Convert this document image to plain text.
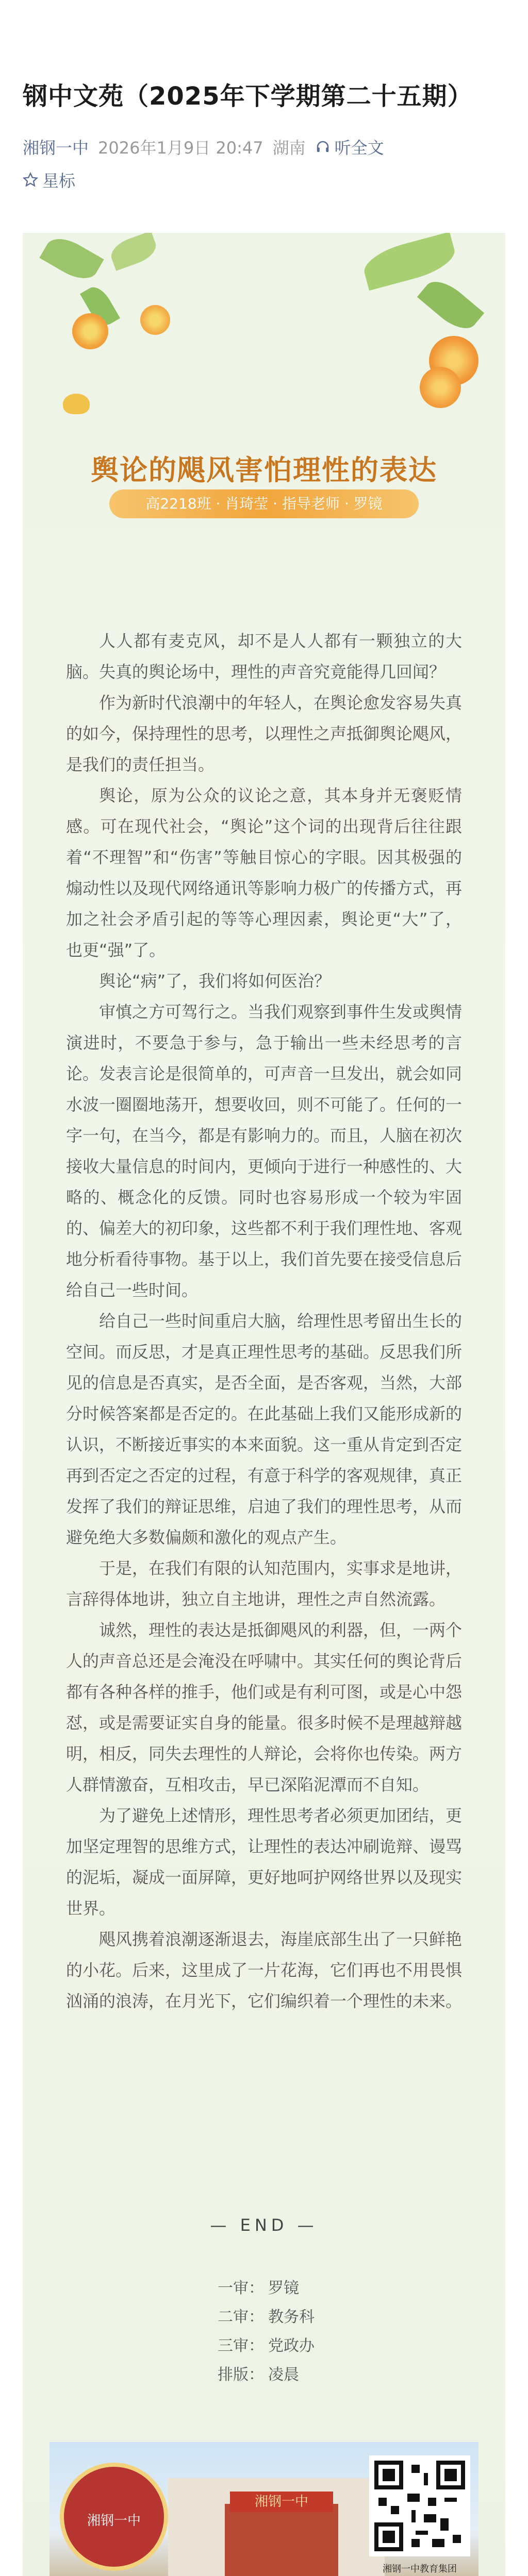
钢中文苑（2025年下学期第二十五期）
湘钢一中 2026年1月9日 20:47 湖南 听全文
星标
舆论的飓风害怕理性的表达
高2218班 · 肖琦莹 · 指导老师 · 罗镜

人人都有麦克风，却不是人人都有一颗独立的大脑。失真的舆论场中，理性的声音究竟能得几回闻？

作为新时代浪潮中的年轻人，在舆论愈发容易失真的如今，保持理性的思考，以理性之声抵御舆论飓风，是我们的责任担当。

舆论，原为公众的议论之意，其本身并无褒贬情感。可在现代社会，“舆论”这个词的出现背后往往跟着“不理智”和“伤害”等触目惊心的字眼。因其极强的煽动性以及现代网络通讯等影响力极广的传播方式，再加之社会矛盾引起的等等心理因素，舆论更“大”了，也更“强”了。

舆论“病”了，我们将如何医治？

审慎之方可驾行之。当我们观察到事件生发或舆情演进时，不要急于参与，急于输出一些未经思考的言论。发表言论是很简单的，可声音一旦发出，就会如同水波一圈圈地荡开，想要收回，则不可能了。任何的一字一句，在当今，都是有影响力的。而且，人脑在初次接收大量信息的时间内，更倾向于进行一种感性的、大略的、概念化的反馈。同时也容易形成一个较为牢固的、偏差大的初印象，这些都不利于我们理性地、客观地分析看待事物。基于以上，我们首先要在接受信息后给自己一些时间。

给自己一些时间重启大脑，给理性思考留出生长的空间。而反思，才是真正理性思考的基础。反思我们所见的信息是否真实，是否全面，是否客观，当然，大部分时候答案都是否定的。在此基础上我们又能形成新的认识，不断接近事实的本来面貌。这一重从肯定到否定再到否定之否定的过程，有意于科学的客观规律，真正发挥了我们的辩证思维，启迪了我们的理性思考，从而避免绝大多数偏颇和激化的观点产生。

于是，在我们有限的认知范围内，实事求是地讲，言辞得体地讲，独立自主地讲，理性之声自然流露。

诚然，理性的表达是抵御飓风的利器，但，一两个人的声音总还是会淹没在呼啸中。其实任何的舆论背后都有各种各样的推手，他们或是有利可图，或是心中怨怼，或是需要证实自身的能量。很多时候不是理越辩越明，相反，同失去理性的人辩论，会将你也传染。两方人群情激奋，互相攻击，早已深陷泥潭而不自知。

为了避免上述情形，理性思考者必须更加团结，更加坚定理智的思维方式，让理性的表达冲刷诡辩、谩骂的泥垢，凝成一面屏障，更好地呵护网络世界以及现实世界。

飓风携着浪潮逐渐退去，海崖底部生出了一只鲜艳的小花。后来，这里成了一片花海，它们再也不用畏惧汹涌的浪涛，在月光下，它们编织着一个理性的未来。

— END —
一审： 罗镜
二审： 教务科
三审： 党政办
排版： 凌晨
湘钢一中
湘钢一中
湘钢一中教育集团
